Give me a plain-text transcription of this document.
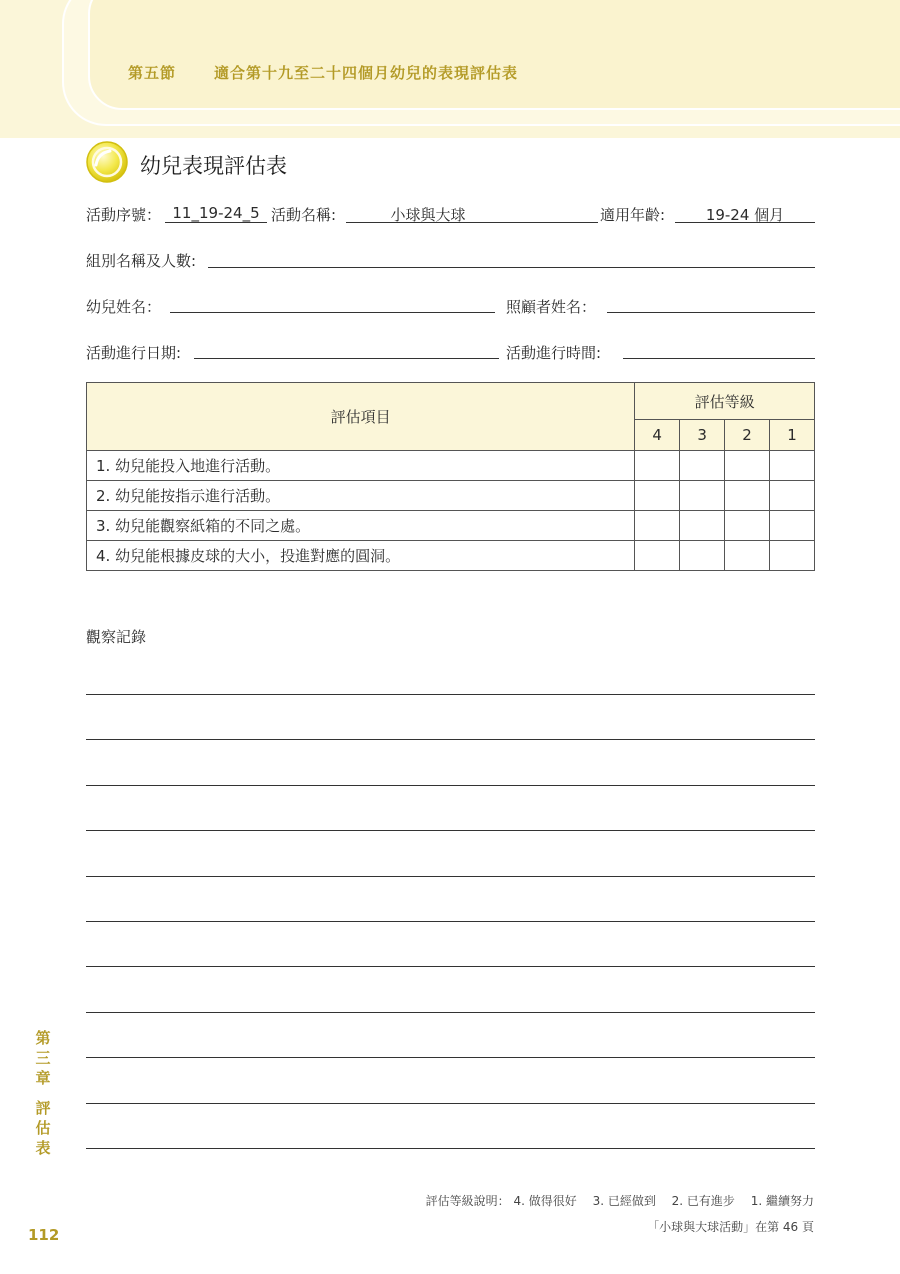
第五節	適合第十九至二十四個月幼兒的表現評估表
幼兒表現評估表
活動序號： 11_19-24_5 活動名稱:	小球與大球	適用年齡:	19-24 個月
組別名稱及人數:
幼兒姓名：	照顧者姓名：
活動進行日期:	活動進行時間:
評估項目	評估等級			
	4	3	2	1
1. 幼兒能投入地進行活動。				
2. 幼兒能按指示進行活動。				
3. 幼兒能觀察紙箱的不同之處。				
4. 幼兒能根據皮球的大小，投進對應的圓洞。				
觀察記錄
第
三
章
評
估
表
112
評估等級說明： 4. 做得很好　 3. 已經做到　 2. 已有進步　 1. 繼續努力
「小球與大球活動」在第 46 頁
